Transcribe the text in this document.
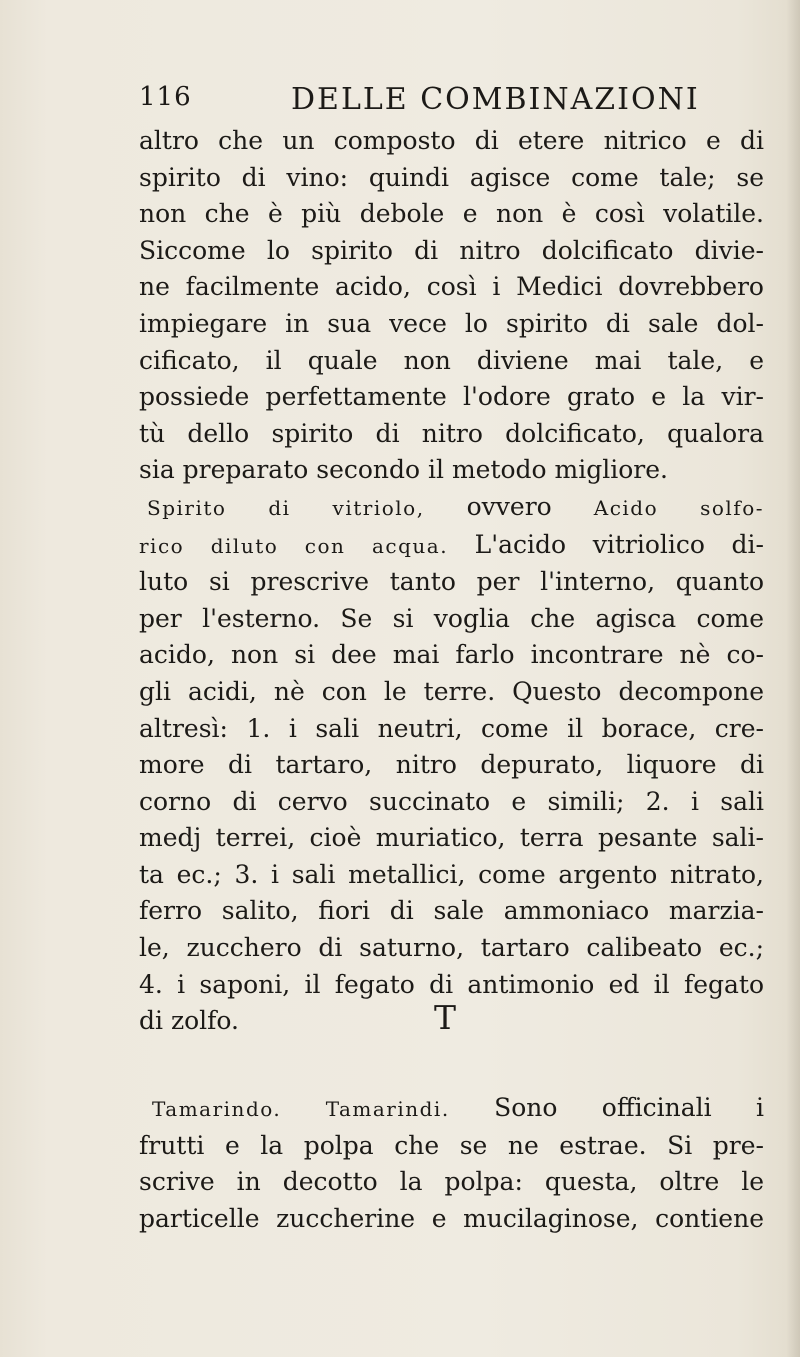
116	DELLE COMBINAZIONI

altro che un composto di etere nitrico e di

spirito di vino: quindi agisce come tale; se

non che è più debole e non è così volatile.

Siccome lo spirito di nitro dolcificato divie-

ne facilmente acido, così i Medici dovrebbero

impiegare in sua vece lo spirito di sale dol-

cificato, il quale non diviene mai tale, e

possiede perfettamente l'odore grato e la vir-

tù dello spirito di nitro dolcificato, qualora

sia preparato secondo il metodo migliore.

Spirito di vitriolo, ovvero Acido solfo-

rico diluto con acqua. L'acido vitriolico di-

luto si prescrive tanto per l'interno, quanto

per l'esterno. Se si voglia che agisca come

acido, non si dee mai farlo incontrare nè co-

gli acidi, nè con le terre. Questo decompone

altresì: 1. i sali neutri, come il borace, cre-

more di tartaro, nitro depurato, liquore di

corno di cervo succinato e simili; 2. i sali

medj terrei, cioè muriatico, terra pesante sali-

ta ec.; 3. i sali metallici, come argento nitrato,

ferro salito, fiori di sale ammoniaco marzia-

le, zucchero di saturno, tartaro calibeato ec.;

4. i saponi, il fegato di antimonio ed il fegato

di zolfo.	T

Tamarindo. Tamarindi. Sono officinali i

frutti e la polpa che se ne estrae. Si pre-

scrive in decotto la polpa: questa, oltre le

particelle zuccherine e mucilaginose, contiene
